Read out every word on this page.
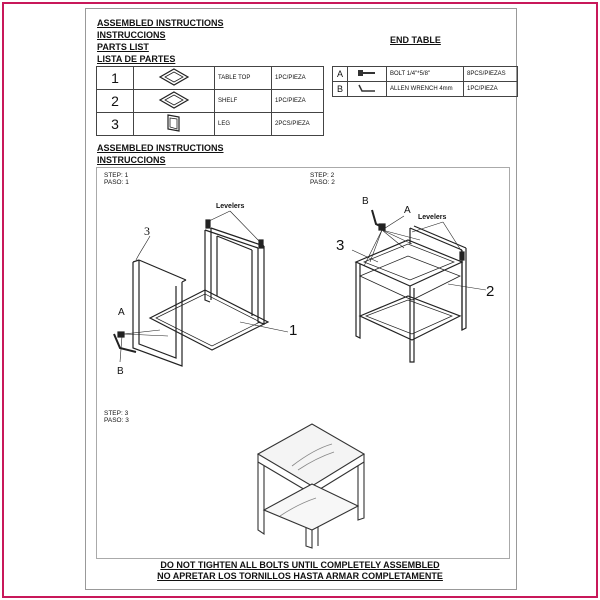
ASSEMBLED INSTRUCTIONS
INSTRUCCIONS
PARTS LIST
LISTA DE PARTES
END TABLE
1		TABLE TOP	1PC/PIEZA
2		SHELF	1PC/PIEZA
3		LEG	2PCS/PIEZA
A		BOLT 1/4"*5/8"	8PCS/PIEZAS
B		ALLEN WRENCH 4mm	1PC/PIEZA
ASSEMBLED INSTRUCTIONS
INSTRUCCIONS
STEP: 1
PASO: 1
Levelers
3
1
A
B
STEP: 2
PASO: 2
Levelers
A
B
3
2
STEP: 3
PASO: 3
DO NOT TIGHTEN ALL BOLTS UNTIL COMPLETELY ASSEMBLED
NO APRETAR LOS TORNILLOS HASTA ARMAR COMPLETAMENTE
